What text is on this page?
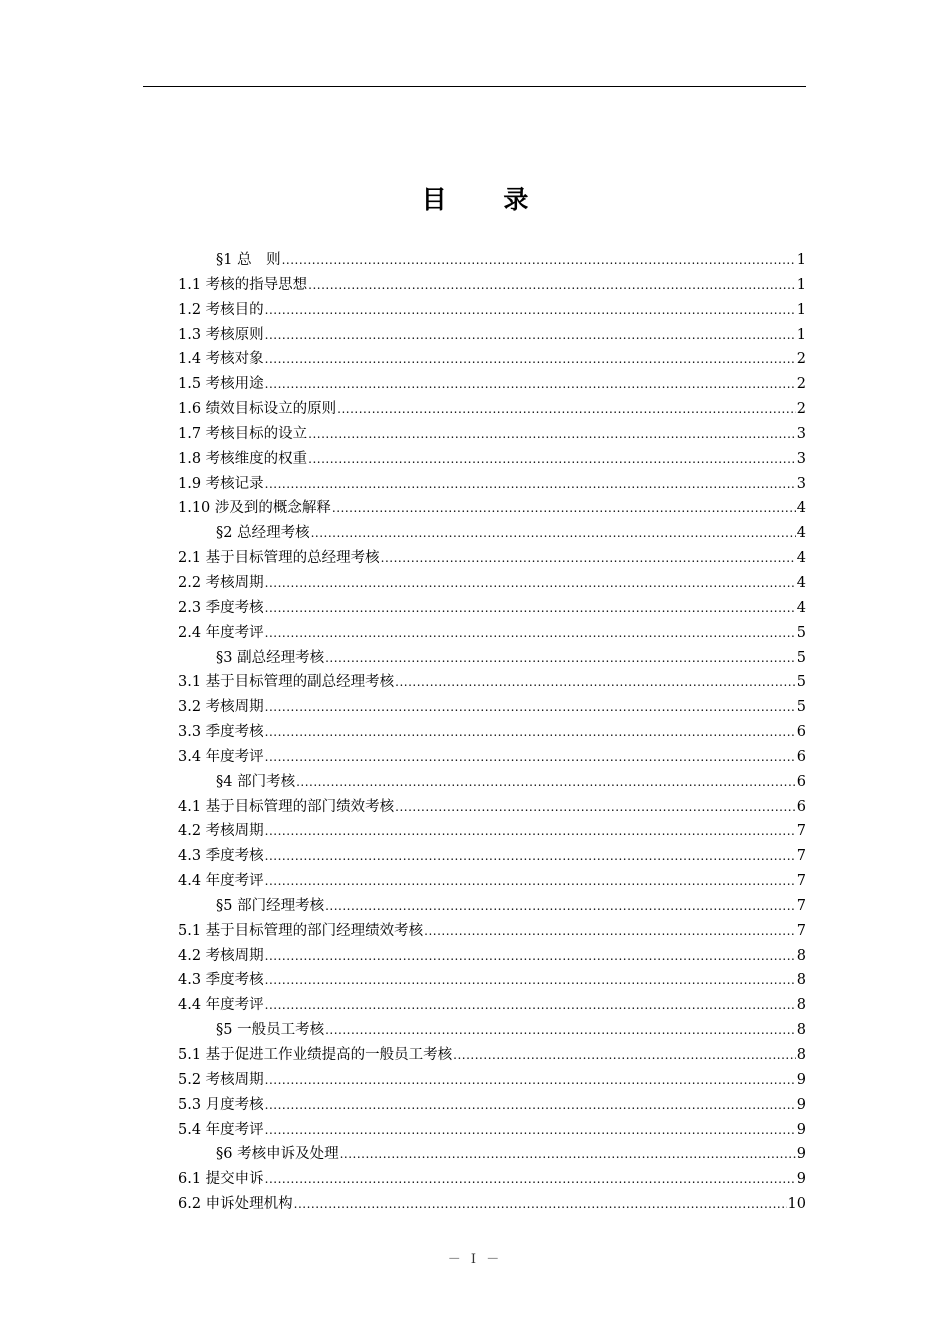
目 录
§1 总　则 .....	1
1.1 考核的指导思想 .....	1
1.2 考核目的 .....	1
1.3 考核原则 .....	1
1.4 考核对象 .....	2
1.5 考核用途 .....	2
1.6 绩效目标设立的原则 .....	2
1.7 考核目标的设立 .....	3
1.8 考核维度的权重 .....	3
1.9 考核记录 .....	3
1.10 涉及到的概念解释 .....	4
§2 总经理考核 .....	4
2.1 基于目标管理的总经理考核 .....	4
2.2 考核周期 .....	4
2.3 季度考核 .....	4
2.4 年度考评 .....	5
§3 副总经理考核 .....	5
3.1 基于目标管理的副总经理考核 .....	5
3.2 考核周期 .....	5
3.3 季度考核 .....	6
3.4 年度考评 .....	6
§4 部门考核 .....	6
4.1 基于目标管理的部门绩效考核 .....	6
4.2 考核周期 .....	7
4.3 季度考核 .....	7
4.4 年度考评 .....	7
§5 部门经理考核 .....	7
5.1 基于目标管理的部门经理绩效考核 .....	7
4.2 考核周期 .....	8
4.3 季度考核 .....	8
4.4 年度考评 .....	8
§5 一般员工考核 .....	8
5.1 基于促进工作业绩提高的一般员工考核 .....	8
5.2 考核周期 .....	9
5.3 月度考核 .....	9
5.4 年度考评 .....	9
§6 考核申诉及处理 .....	9
6.1 提交申诉 .....	9
6.2 申诉处理机构 .....	10
－ I －
